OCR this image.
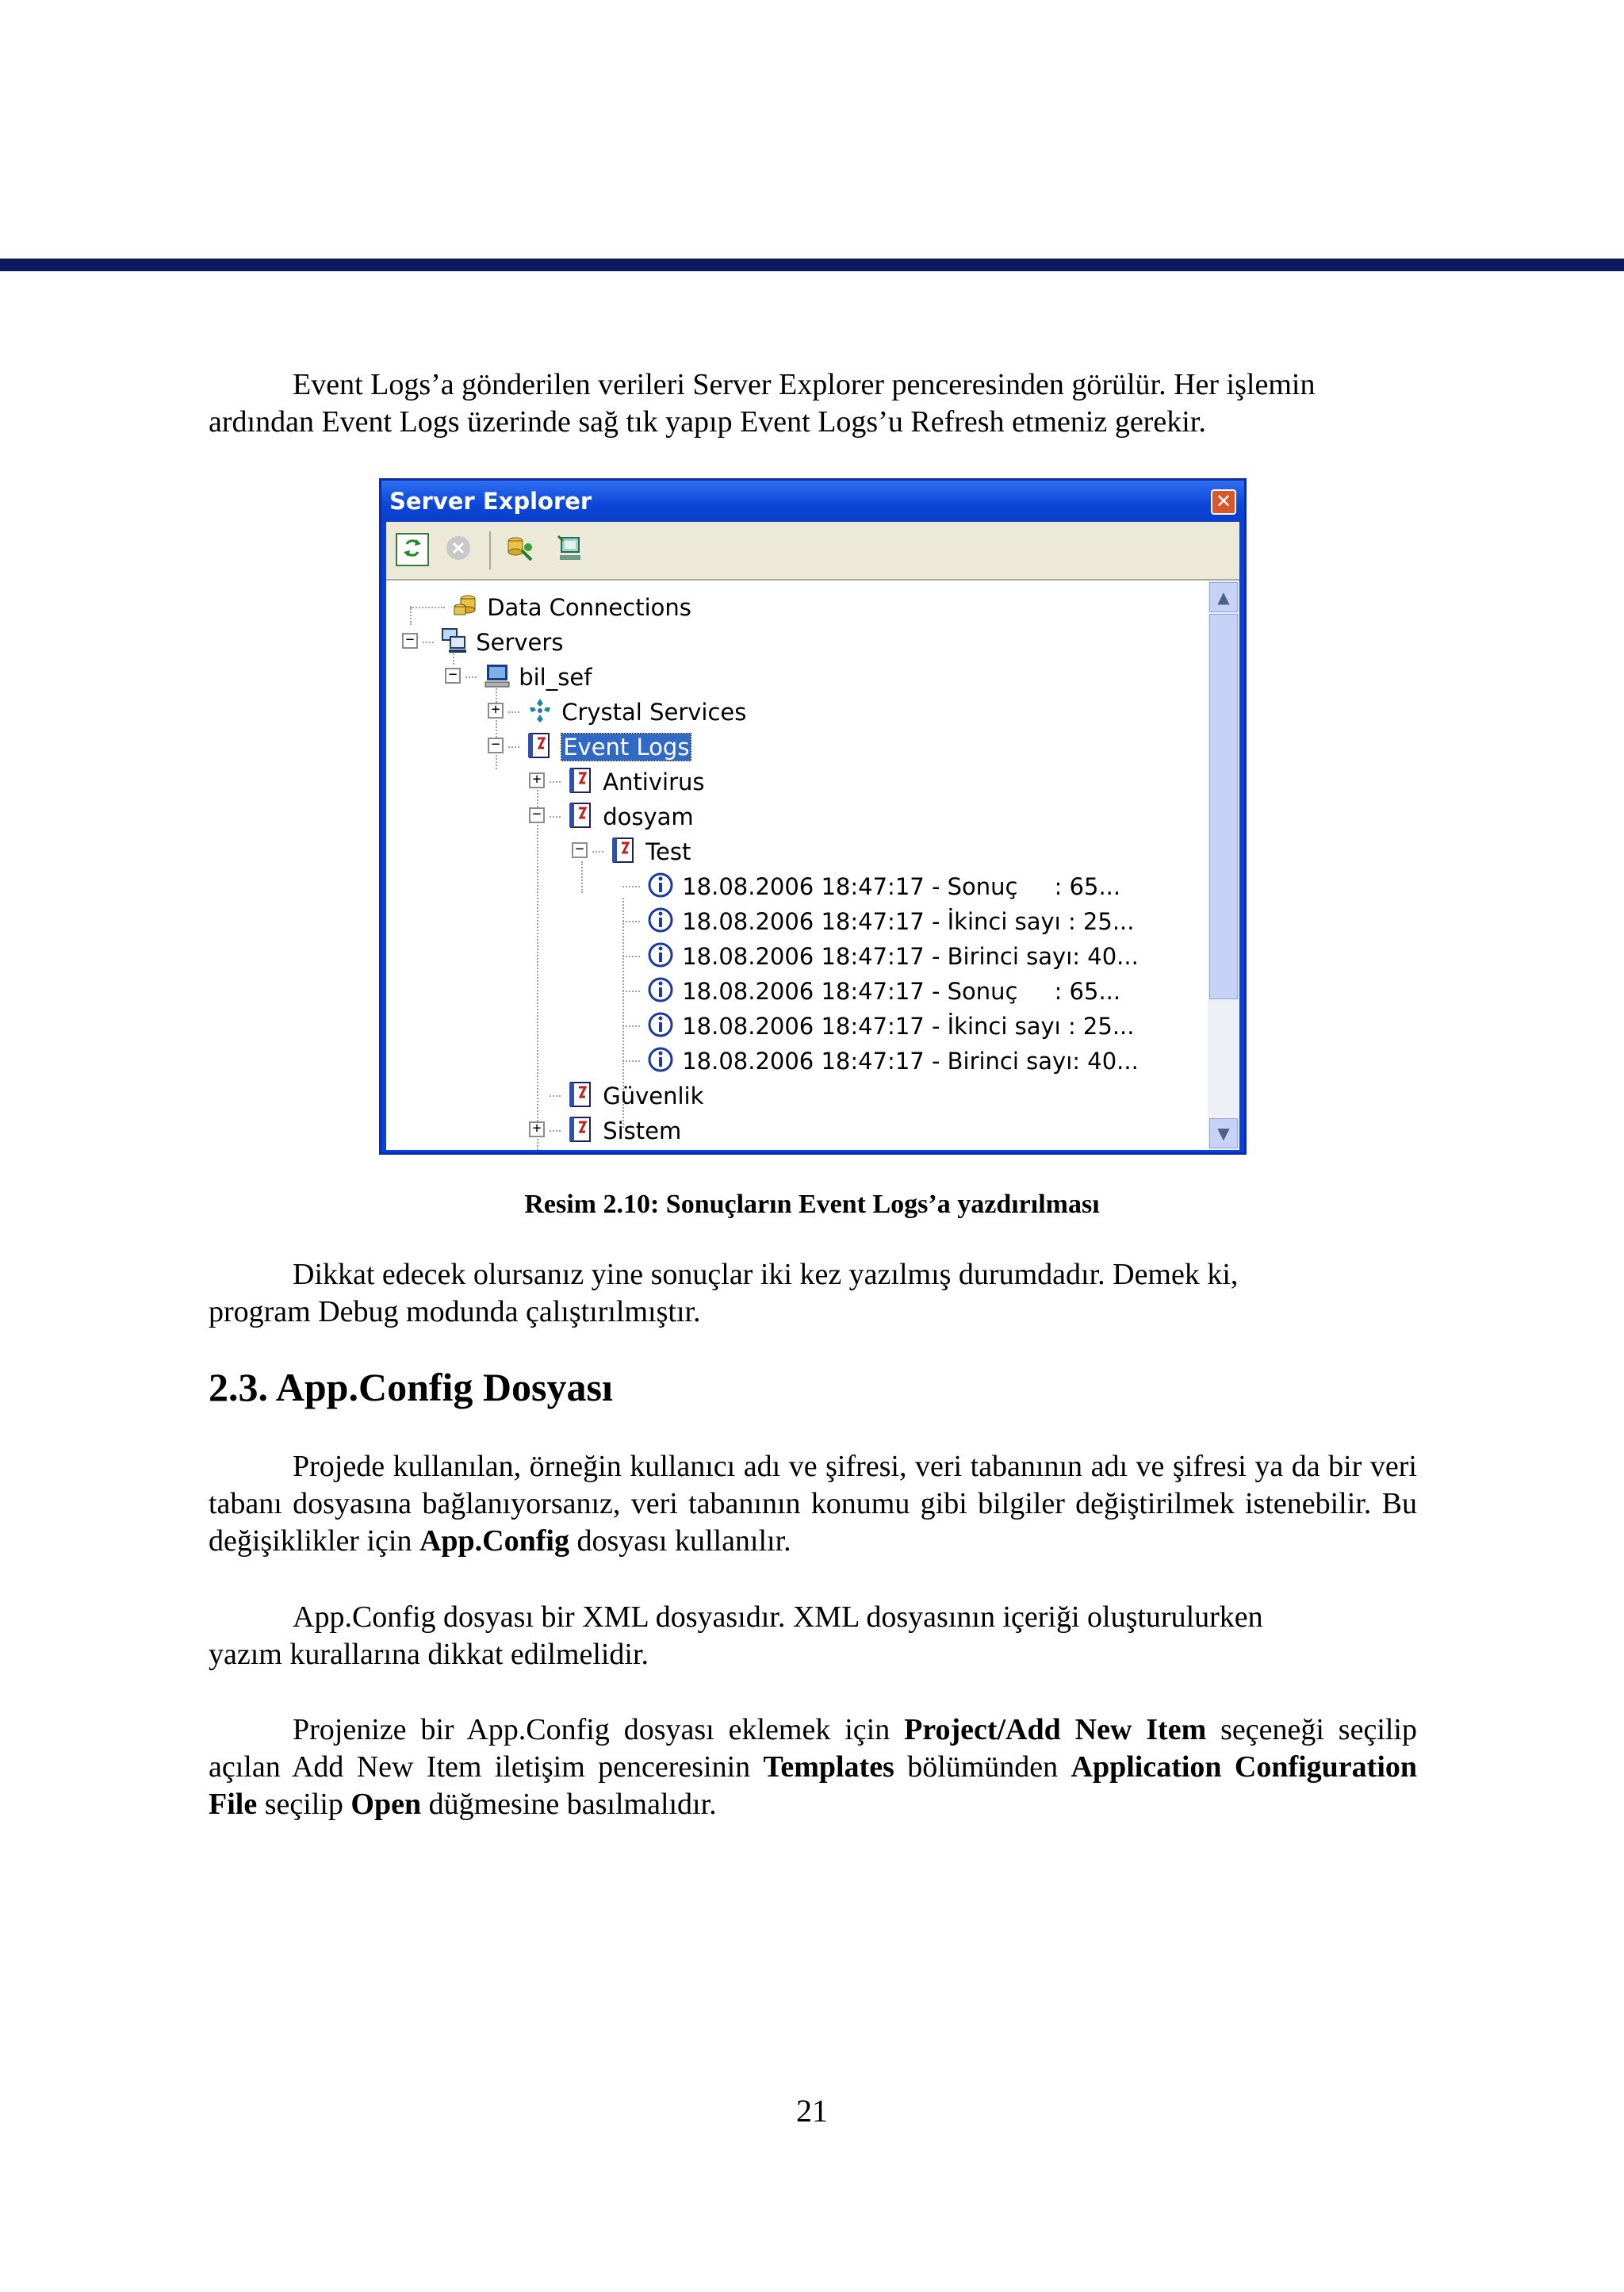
Event Logs’a gönderilen verileri Server Explorer penceresinden görülür. Her işlemin
ardından Event Logs üzerinde sağ tık yapıp Event Logs’u Refresh etmeniz gerekir.

Server Explorer	✕
Data Connections
−	Servers
−	bil_sef
+	Crystal Services
−	Event Logs
+	Antivirus
−	dosyam
−	Test
18.08.2006 18:47:17 - Sonuç     : 65...
18.08.2006 18:47:17 - İkinci sayı : 25...
18.08.2006 18:47:17 - Birinci sayı: 40...
18.08.2006 18:47:17 - Sonuç     : 65...
18.08.2006 18:47:17 - İkinci sayı : 25...
18.08.2006 18:47:17 - Birinci sayı: 40...
Güvenlik
+	Sistem
▲
▼
Resim 2.10: Sonuçların Event Logs’a yazdırılması

Dikkat edecek olursanız yine sonuçlar iki kez yazılmış durumdadır. Demek ki,
program Debug modunda çalıştırılmıştır.

2.3. App.Config Dosyası

Projede kullanılan, örneğin kullanıcı adı ve şifresi, veri tabanının adı ve şifresi ya da bir veri tabanı dosyasına bağlanıyorsanız, veri tabanının konumu gibi bilgiler değiştirilmek istenebilir. Bu değişiklikler için App.Config dosyası kullanılır.

App.Config dosyası bir XML dosyasıdır. XML dosyasının içeriği oluşturulurken
yazım kurallarına dikkat edilmelidir.

Projenize bir App.Config dosyası eklemek için Project/Add New Item seçeneği seçilip açılan Add New Item iletişim penceresinin Templates bölümünden Application Configuration File seçilip Open düğmesine basılmalıdır.

21
